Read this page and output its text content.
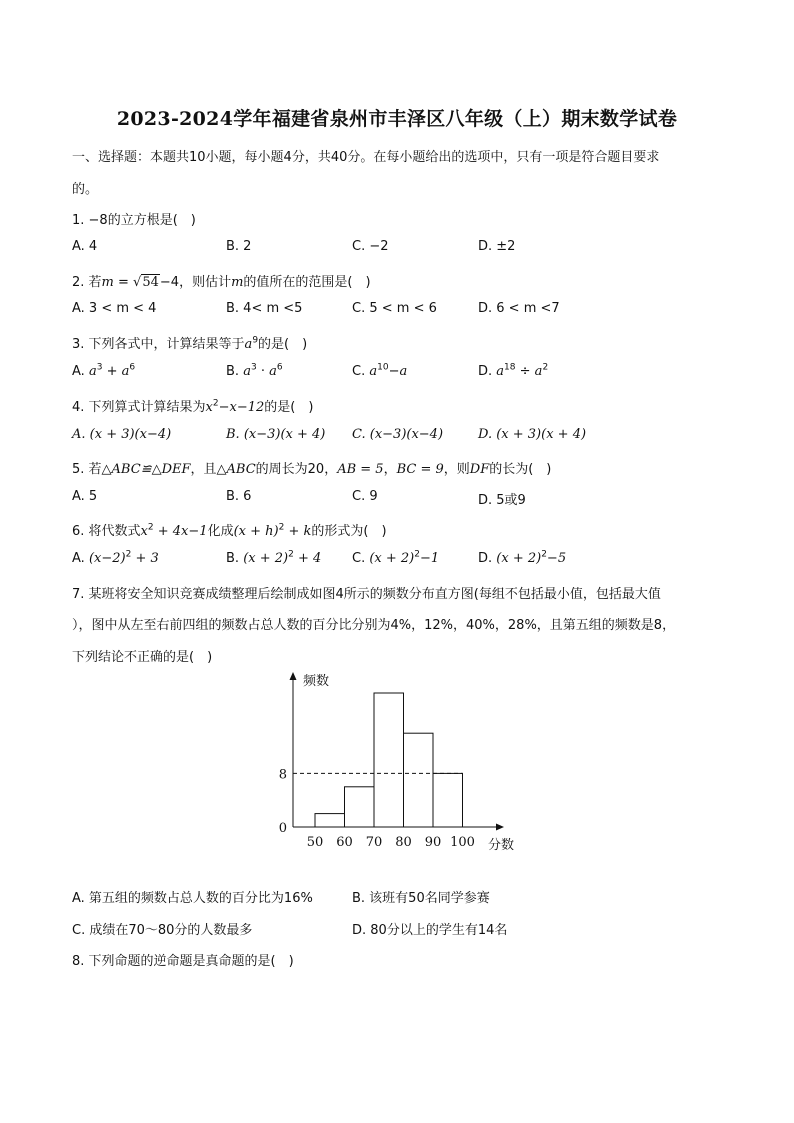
2023-2024学年福建省泉州市丰泽区八年级（上）期末数学试卷
一、选择题：本题共10小题，每小题4分，共40分。在每小题给出的选项中，只有一项是符合题目要求
的。
1. −8的立方根是(　)
A. 4	B. 2	C. −2	D. ±2
2. 若m = √54−4，则估计m的值所在的范围是(　)
A. 3 < m < 4	B. 4< m <5	C. 5 < m < 6	D. 6 < m <7
3. 下列各式中，计算结果等于$a^9$的是(　)
A. $a^3 + a^6$	B. $a^3 \cdot a^6$	C. $a^{10}-a$	D. $a^{18} \div a^2$
4. 下列算式计算结果为$x^2-x-12$的是(　)
A. (x + 3)(x−4)	B. (x−3)(x + 4) C. (x−3)(x−4)	D. (x + 3)(x + 4)
5. 若△ABC≌△DEF，且△ABC的周长为20，AB = 5，BC = 9，则DF的长为(　)
A. 5	B. 6	C. 9	D. 5或9
6. 将代数式$x^2 + 4x-1$化成$(x + h)^2 + k$的形式为(　)
A. $(x-2)^2 + 3$	B. $(x + 2)^2 + 4$ C. $(x + 2)^2-1$	D. $(x + 2)^2-5$
7. 某班将安全知识竞赛成绩整理后绘制成如图4所示的频数分布直方图(每组不包括最小值，包括最大值
），图中从左至右前四组的频数占总人数的百分比分别为4%，12%，40%，28%，且第五组的频数是8，
下列结论不正确的是(　)
频数
分数
0
8
50 60 70 80 90 100
A. 第五组的频数占总人数的百分比为16%	B. 该班有50名同学参赛
C. 成绩在70～80分的人数最多	D. 80分以上的学生有14名
8. 下列命题的逆命题是真命题的是(　)
